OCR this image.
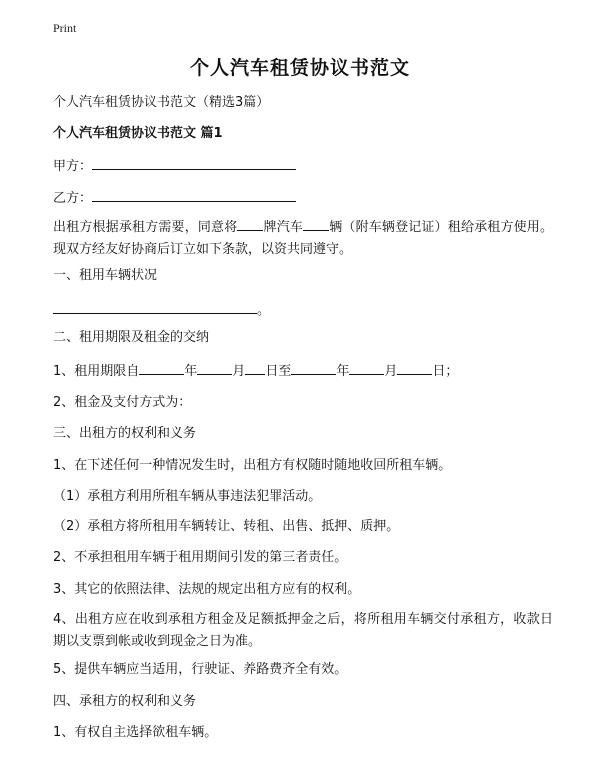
Print
个人汽车租赁协议书范文
个人汽车租赁协议书范文（精选3篇）
个人汽车租赁协议书范文 篇1
甲方：
乙方：
出租方根据承租方需要，同意将 牌汽车 辆（附车辆登记证）租给承租方使用。现双方经友好协商后订立如下条款，以资共同遵守。
一、租用车辆状况
。
二、租用期限及租金的交纳
1、租用期限自	年	月 日至	年	月	日；
2、租金及支付方式为：
三、出租方的权利和义务
1、在下述任何一种情况发生时，出租方有权随时随地收回所租车辆。
（1）承租方利用所租车辆从事违法犯罪活动。
（2）承租方将所租用车辆转让、转租、出售、抵押、质押。
2、不承担租用车辆于租用期间引发的第三者责任。
3、其它的依照法律、法规的规定出租方应有的权利。
4、出租方应在收到承租方租金及足额抵押金之后，将所租用车辆交付承租方，收款日期以支票到帐或收到现金之日为准。
5、提供车辆应当适用，行驶证、养路费齐全有效。
四、承租方的权利和义务
1、有权自主选择欲租车辆。
